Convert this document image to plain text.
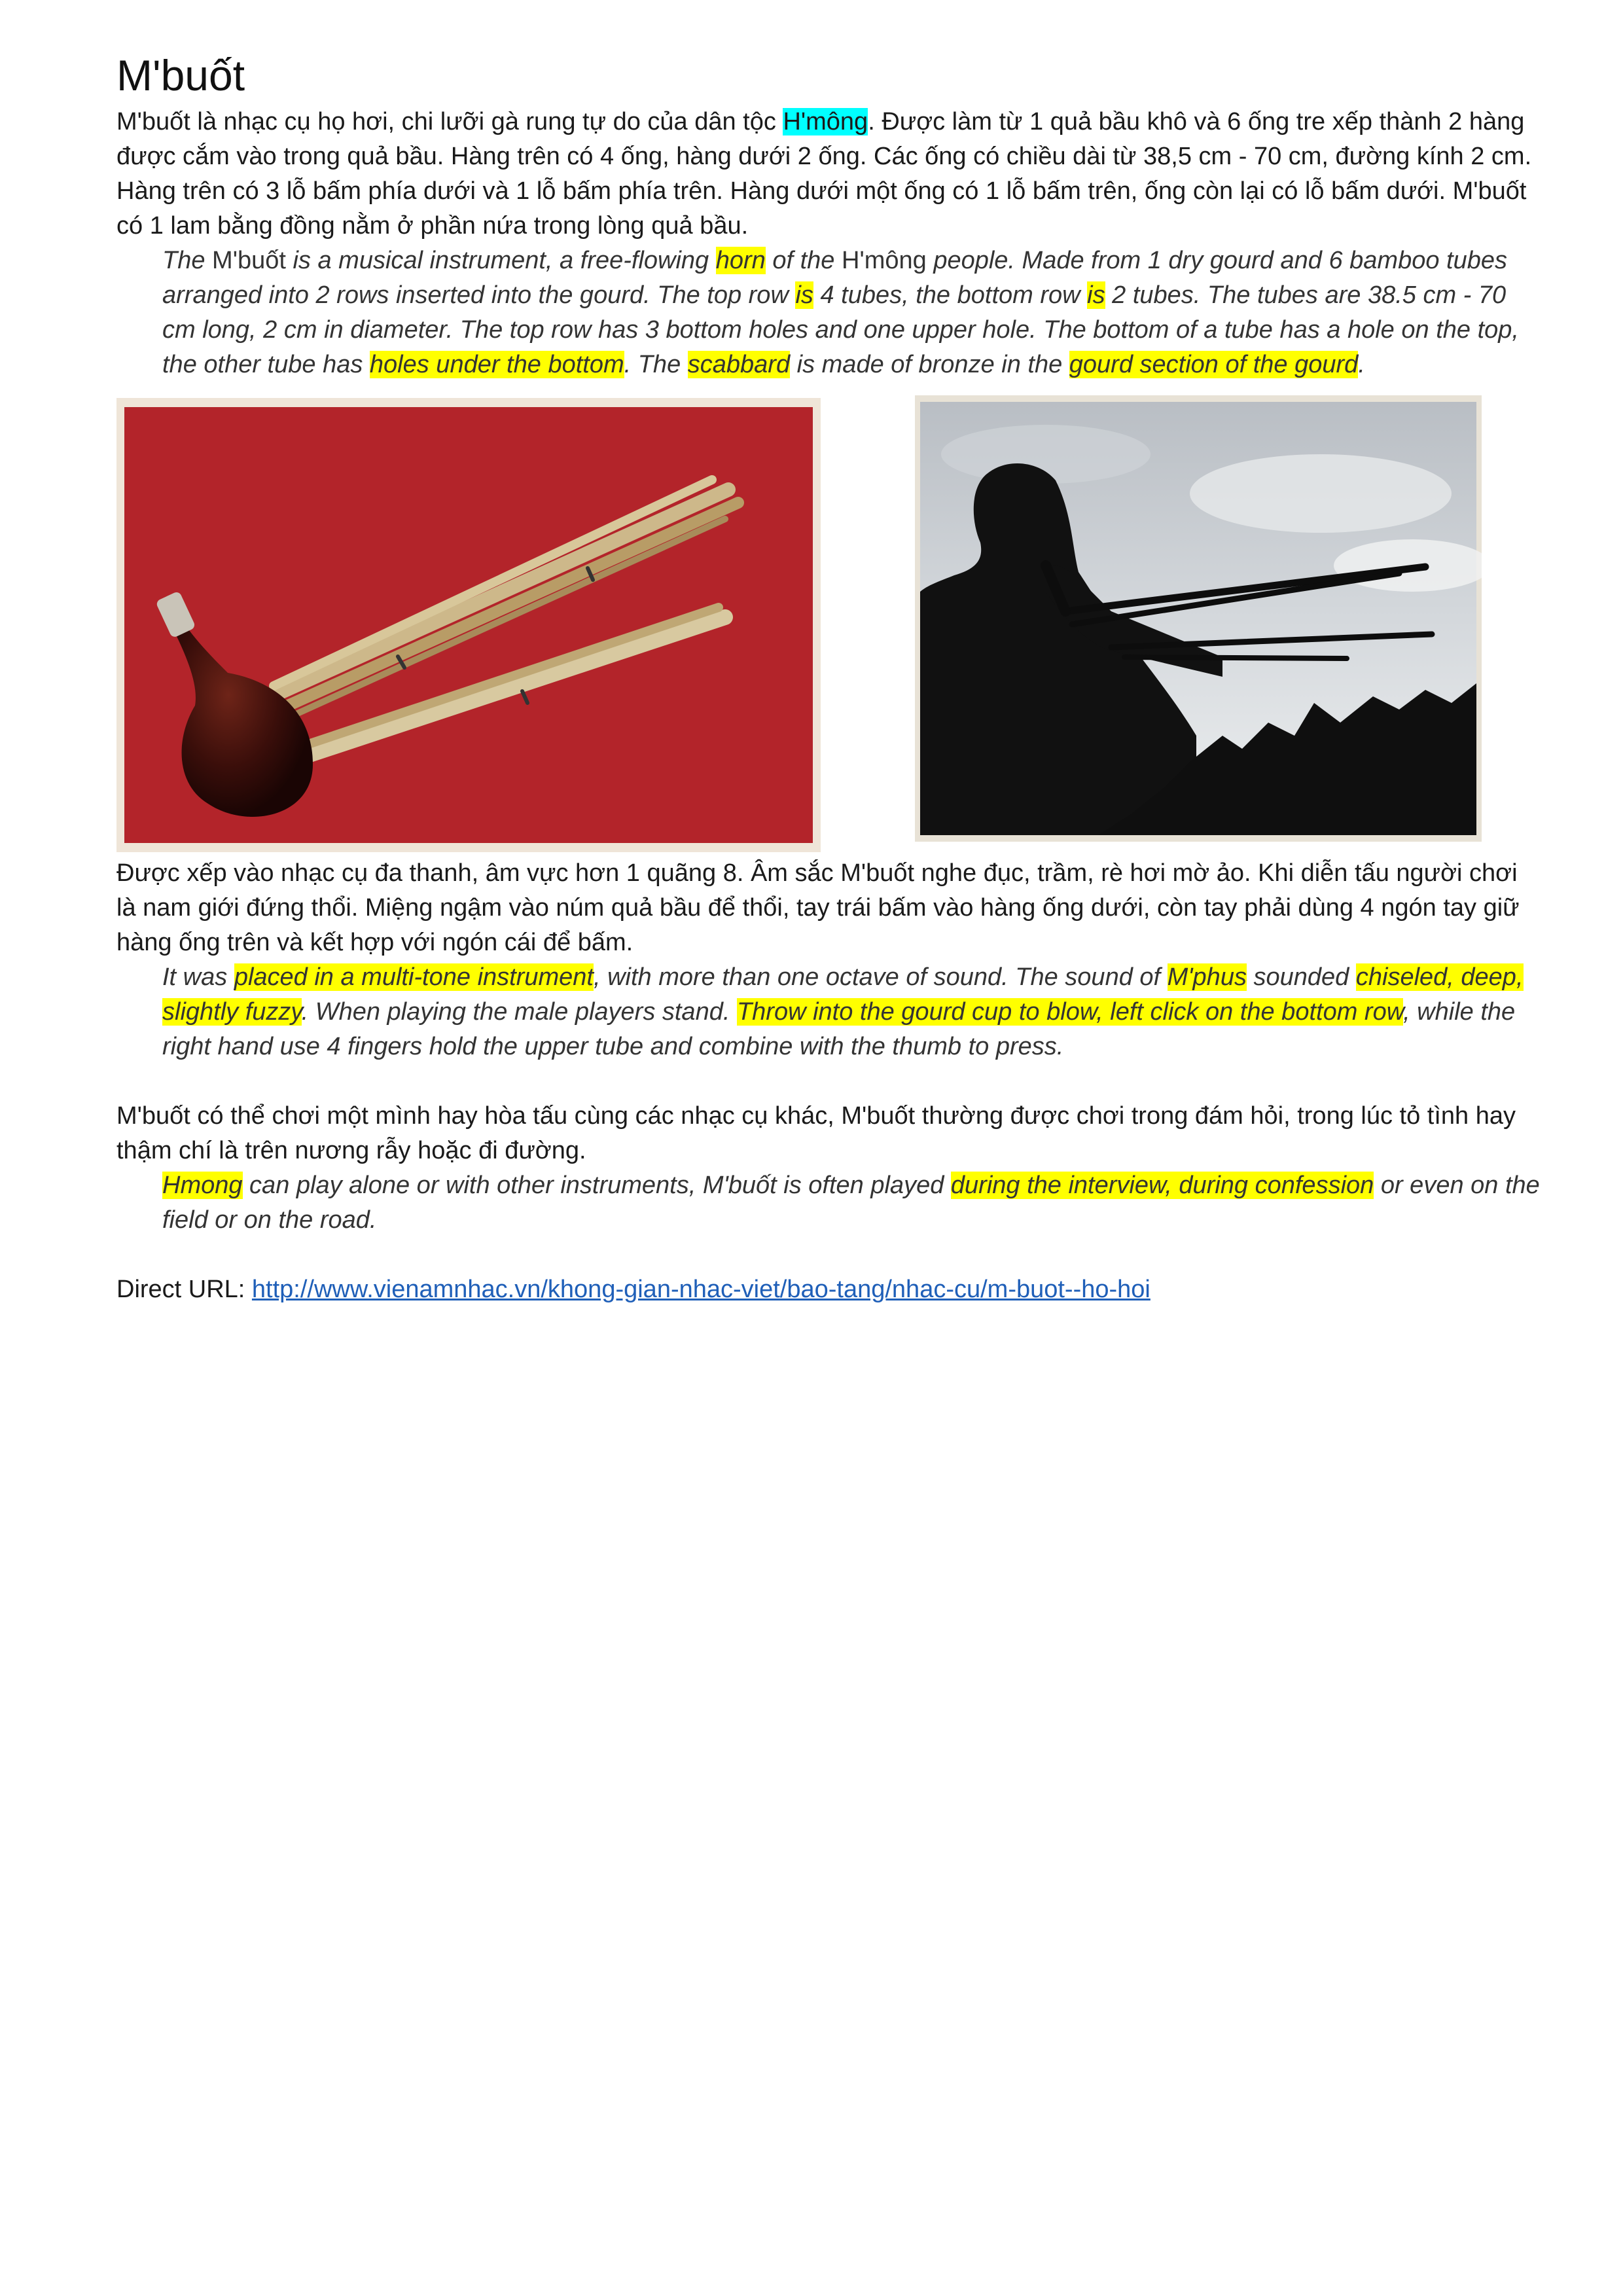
M'buốt

M'buốt là nhạc cụ họ hơi, chi lưỡi gà rung tự do của dân tộc H'mông. Được làm từ 1 quả bầu khô và 6 ống tre xếp thành 2 hàng được cắm vào trong quả bầu. Hàng trên có 4 ống, hàng dưới 2 ống. Các ống có chiều dài từ 38,5 cm - 70 cm, đường kính 2 cm. Hàng trên có 3 lỗ bấm phía dưới và 1 lỗ bấm phía trên. Hàng dưới một ống có 1 lỗ bấm trên, ống còn lại có lỗ bấm dưới. M'buốt có 1 lam bằng đồng nằm ở phần nứa trong lòng quả bầu.

The M'buốt is a musical instrument, a free-flowing horn of the H'mông people. Made from 1 dry gourd and 6 bamboo tubes arranged into 2 rows inserted into the gourd. The top row is 4 tubes, the bottom row is 2 tubes. The tubes are 38.5 cm - 70 cm long, 2 cm in diameter. The top row has 3 bottom holes and one upper hole. The bottom of a tube has a hole on the top, the other tube has holes under the bottom. The scabbard is made of bronze in the gourd section of the gourd.

Được xếp vào nhạc cụ đa thanh, âm vực hơn 1 quãng 8. Âm sắc M'buốt nghe đục, trầm, rè hơi mờ ảo. Khi diễn tấu người chơi là nam giới đứng thổi. Miệng ngậm vào núm quả bầu để thổi, tay trái bấm vào hàng ống dưới, còn tay phải dùng 4 ngón tay giữ hàng ống trên và kết hợp với ngón cái để bấm.

It was placed in a multi-tone instrument, with more than one octave of sound. The sound of M'phus sounded chiseled, deep, slightly fuzzy. When playing the male players stand. Throw into the gourd cup to blow, left click on the bottom row, while the right hand use 4 fingers hold the upper tube and combine with the thumb to press.

M'buốt có thể chơi một mình hay hòa tấu cùng các nhạc cụ khác, M'buốt thường được chơi trong đám hỏi, trong lúc tỏ tình hay thậm chí là trên nương rẫy hoặc đi đường.

Hmong can play alone or with other instruments, M'buốt is often played during the interview, during confession or even on the field or on the road.

Direct URL: http://www.vienamnhac.vn/khong-gian-nhac-viet/bao-tang/nhac-cu/m-buot--ho-hoi
